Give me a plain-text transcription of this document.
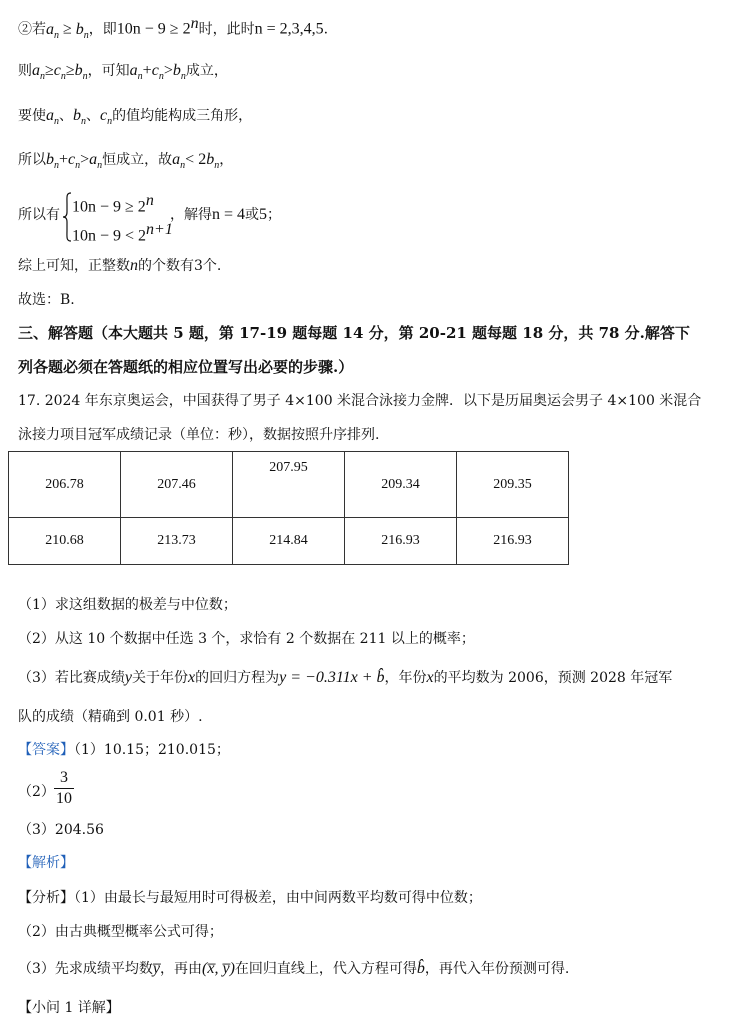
②若$a_n \ge b_n$，即$10n - 9 \ge 2^n$时，此时n = 2,3,4,5.
则$a_n\ge c_n\ge b_n$，可知$a_n+c_n>b_n$成立，
要使$a_n$、$b_n$、$c_n$的值均能构成三角形，
所以$b_n+c_n>a_n$恒成立，故$a_n< 2b_n$，
所以有 $10n - 9 \ge 2^n$
$10n - 9 < 2^{n+1}$
，解得n = 4或5；
综上可知，正整数n的个数有3个.
故选：B.
三、解答题（本大题共 5 题，第 17-19 题每题 14 分，第 20-21 题每题 18 分，共 78 分.解答下
列各题必须在答题纸的相应位置写出必要的步骤.）
17. 2024 年东京奥运会，中国获得了男子 4×100 米混合泳接力金牌．以下是历届奥运会男子 4×100 米混合
泳接力项目冠军成绩记录（单位：秒），数据按照升序排列.
206.78	207.46	207.95	209.34	209.35
210.68	213.73	214.84	216.93	216.93
（1）求这组数据的极差与中位数；
（2）从这 10 个数据中任选 3 个，求恰有 2 个数据在 211 以上的概率；
（3）若比赛成绩y关于年份x的回归方程为y = −0.311x + b̂，年份x的平均数为 2006，预测 2028 年冠军
队的成绩（精确到 0.01 秒）.
【答案】（1）10.15；210.015；
（2）
3
10
（3）204.56
【解析】
【分析】（1）由最长与最短用时可得极差，由中间两数平均数可得中位数；
（2）由古典概型概率公式可得；
（3）先求成绩平均数y̅，再由(x̅, y̅)在回归直线上，代入方程可得b̂，再代入年份预测可得.
【小问 1 详解】
